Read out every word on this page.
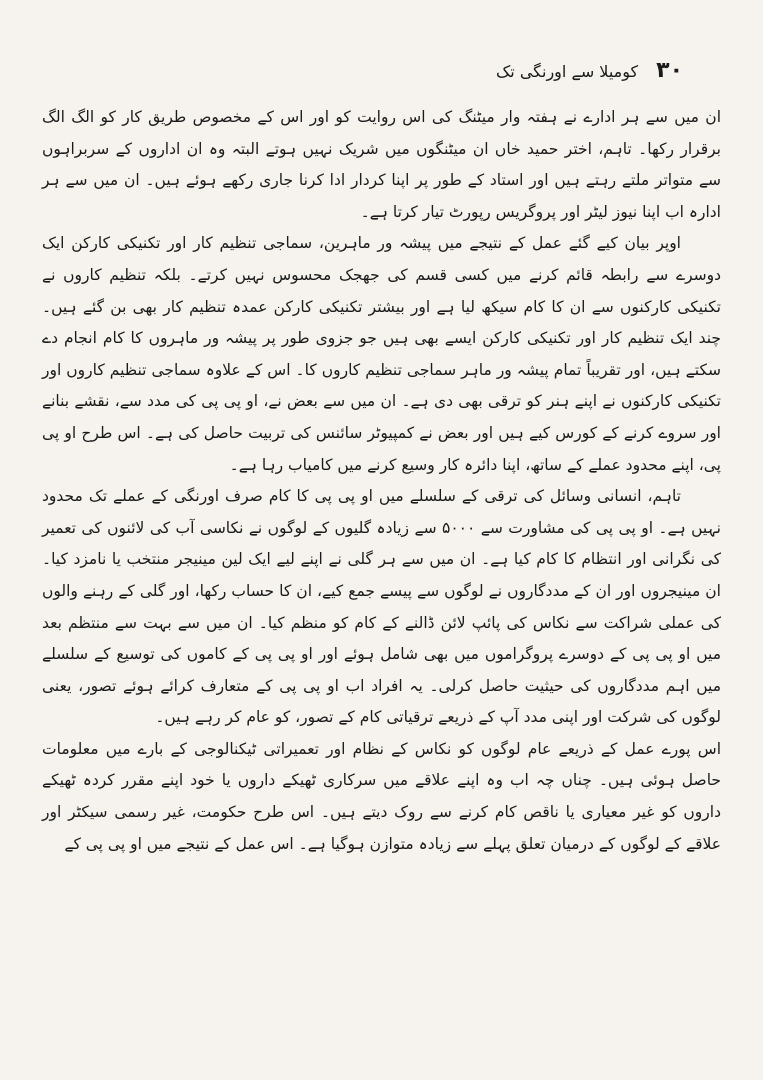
۳۰
کومیلا سے اورنگی تک

ان میں سے ہر ادارے نے ہفتہ وار میٹنگ کی اس روایت کو اور اس کے مخصوص طریق کار کو الگ الگ برقرار رکھا۔ تاہم، اختر حمید خاں ان میٹنگوں میں شریک نہیں ہوتے البتہ وہ ان اداروں کے سربراہوں سے متواتر ملتے رہتے ہیں اور استاد کے طور پر اپنا کردار ادا کرنا جاری رکھے ہوئے ہیں۔ ان میں سے ہر ادارہ اب اپنا نیوز لیٹر اور پروگریس رپورٹ تیار کرتا ہے۔

اوپر بیان کیے گئے عمل کے نتیجے میں پیشہ ور ماہرین، سماجی تنظیم کار اور تکنیکی کارکن ایک دوسرے سے رابطہ قائم کرنے میں کسی قسم کی جھجک محسوس نہیں کرتے۔ بلکہ تنظیم کاروں نے تکنیکی کارکنوں سے ان کا کام سیکھ لیا ہے اور بیشتر تکنیکی کارکن عمدہ تنظیم کار بھی بن گئے ہیں۔ چند ایک تنظیم کار اور تکنیکی کارکن ایسے بھی ہیں جو جزوی طور پر پیشہ ور ماہروں کا کام انجام دے سکتے ہیں، اور تقریباً تمام پیشہ ور ماہر سماجی تنظیم کاروں کا۔ اس کے علاوہ سماجی تنظیم کاروں اور تکنیکی کارکنوں نے اپنے ہنر کو ترقی بھی دی ہے۔ ان میں سے بعض نے، او پی پی کی مدد سے، نقشے بنانے اور سروے کرنے کے کورس کیے ہیں اور بعض نے کمپیوٹر سائنس کی تربیت حاصل کی ہے۔ اس طرح او پی پی، اپنے محدود عملے کے ساتھ، اپنا دائرہ کار وسیع کرنے میں کامیاب رہا ہے۔

تاہم، انسانی وسائل کی ترقی کے سلسلے میں او پی پی کا کام صرف اورنگی کے عملے تک محدود نہیں ہے۔ او پی پی کی مشاورت سے ۵۰۰۰ سے زیادہ گلیوں کے لوگوں نے نکاسی آب کی لائنوں کی تعمیر کی نگرانی اور انتظام کا کام کیا ہے۔ ان میں سے ہر گلی نے اپنے لیے ایک لین مینیجر منتخب یا نامزد کیا۔ ان مینیجروں اور ان کے مددگاروں نے لوگوں سے پیسے جمع کیے، ان کا حساب رکھا، اور گلی کے رہنے والوں کی عملی شراکت سے نکاس کی پائپ لائن ڈالنے کے کام کو منظم کیا۔ ان میں سے بہت سے منتظم بعد میں او پی پی کے دوسرے پروگراموں میں بھی شامل ہوئے اور او پی پی کے کاموں کی توسیع کے سلسلے میں اہم مددگاروں کی حیثیت حاصل کرلی۔ یہ افراد اب او پی پی کے متعارف کرائے ہوئے تصور، یعنی لوگوں کی شرکت اور اپنی مدد آپ کے ذریعے ترقیاتی کام کے تصور، کو عام کر رہے ہیں۔

اس پورے عمل کے ذریعے عام لوگوں کو نکاس کے نظام اور تعمیراتی ٹیکنالوجی کے بارے میں معلومات حاصل ہوئی ہیں۔ چناں چہ اب وہ اپنے علاقے میں سرکاری ٹھیکے داروں یا خود اپنے مقرر کردہ ٹھیکے داروں کو غیر معیاری یا ناقص کام کرنے سے روک دیتے ہیں۔ اس طرح حکومت، غیر رسمی سیکٹر اور علاقے کے لوگوں کے درمیان تعلق پہلے سے زیادہ متوازن ہوگیا ہے۔ اس عمل کے نتیجے میں او پی پی کے
